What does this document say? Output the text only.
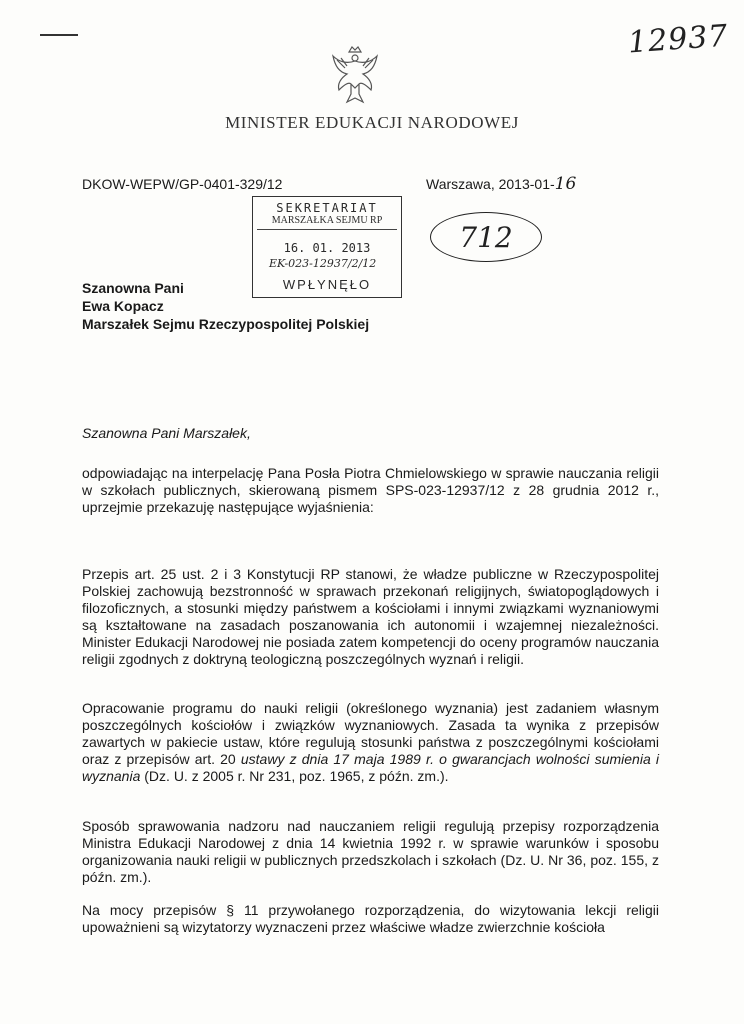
12937
MINISTER EDUKACJI NARODOWEJ
DKOW-WEPW/GP-0401-329/12	Warszawa, 2013-01-16
SEKRETARIAT
MARSZAŁKA SEJMU RP
16. 01. 2013
EK-023-12937/2/12
WPŁYNĘŁO
712
Szanowna Pani
Ewa Kopacz
Marszałek Sejmu Rzeczypospolitej Polskiej
Szanowna Pani Marszałek,

odpowiadając na interpelację Pana Posła Piotra Chmielowskiego w sprawie nauczania religii w szkołach publicznych, skierowaną pismem SPS-023-12937/12 z 28 grudnia 2012 r., uprzejmie przekazuję następujące wyjaśnienia:

Przepis art. 25 ust. 2 i 3 Konstytucji RP stanowi, że władze publiczne w Rzeczypospolitej Polskiej zachowują bezstronność w sprawach przekonań religijnych, światopoglądowych i filozoficznych, a stosunki między państwem a kościołami i innymi związkami wyznaniowymi są kształtowane na zasadach poszanowania ich autonomii i wzajemnej niezależności. Minister Edukacji Narodowej nie posiada zatem kompetencji do oceny programów nauczania religii zgodnych z doktryną teologiczną poszczególnych wyznań i religii.

Opracowanie programu do nauki religii (określonego wyznania) jest zadaniem własnym poszczególnych kościołów i związków wyznaniowych. Zasada ta wynika z przepisów zawartych w pakiecie ustaw, które regulują stosunki państwa z poszczególnymi kościołami oraz z przepisów art. 20 ustawy z dnia 17 maja 1989 r. o gwarancjach wolności sumienia i wyznania (Dz. U. z 2005 r. Nr 231, poz. 1965, z późn. zm.).

Sposób sprawowania nadzoru nad nauczaniem religii regulują przepisy rozporządzenia Ministra Edukacji Narodowej z dnia 14 kwietnia 1992 r. w sprawie warunków i sposobu organizowania nauki religii w publicznych przedszkolach i szkołach (Dz. U. Nr 36, poz. 155, z późn. zm.).

Na mocy przepisów § 11 przywołanego rozporządzenia, do wizytowania lekcji religii upoważnieni są wizytatorzy wyznaczeni przez właściwe władze zwierzchnie kościoła
